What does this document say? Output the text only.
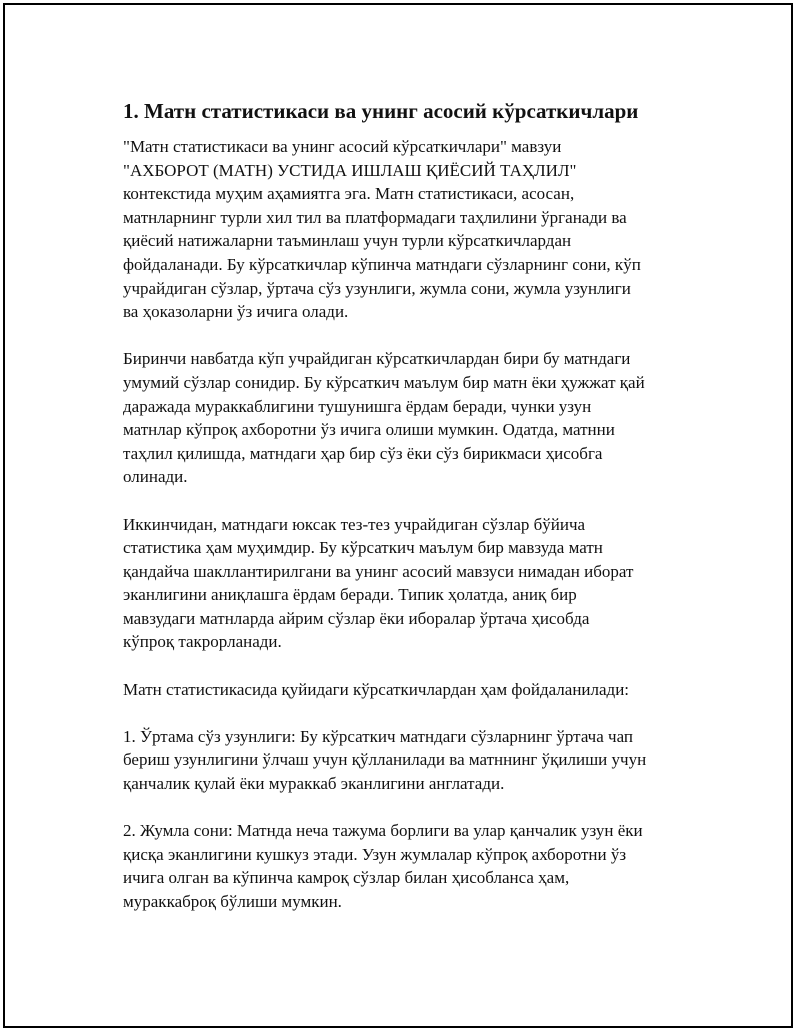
1. Матн статистикаси ва унинг асосий кўрсаткичлари

"Матн статистикаси ва унинг асосий кўрсаткичлари" мавзуи
"АХБОРОТ (МАТН) УСТИДА ИШЛАШ ҚИЁСИЙ ТАҲЛИЛ"
контекстида муҳим аҳамиятга эга. Матн статистикаси, асосан,
матнларнинг турли хил тил ва платформадаги таҳлилини ўрганади ва
қиёсий натижаларни таъминлаш учун турли кўрсаткичлардан
фойдаланади. Бу кўрсаткичлар кўпинча матндаги сўзларнинг сони, кўп
учрайдиган сўзлар, ўртача сўз узунлиги, жумла сони, жумла узунлиги
ва ҳоказоларни ўз ичига олади.

Биринчи навбатда кўп учрайдиган кўрсаткичлардан бири бу матндаги
умумий сўзлар сонидир. Бу кўрсаткич маълум бир матн ёки ҳужжат қай
даражада мураккаблигини тушунишга ёрдам беради, чунки узун
матнлар кўпроқ ахборотни ўз ичига олиши мумкин. Одатда, матнни
таҳлил қилишда, матндаги ҳар бир сўз ёки сўз бирикмаси ҳисобга
олинади.

Иккинчидан, матндаги юксак тез-тез учрайдиган сўзлар бўйича
статистика ҳам муҳимдир. Бу кўрсаткич маълум бир мавзуда матн
қандайча шакллантирилгани ва унинг асосий мавзуси нимадан иборат
эканлигини аниқлашга ёрдам беради. Типик ҳолатда, аниқ бир
мавзудаги матнларда айрим сўзлар ёки иборалар ўртача ҳисобда
кўпроқ такрорланади.

Матн статистикасида қуйидаги кўрсаткичлардан ҳам фойдаланилади:

1. Ўртама сўз узунлиги: Бу кўрсаткич матндаги сўзларнинг ўртача чап
бериш узунлигини ўлчаш учун қўлланилади ва матннинг ўқилиши учун
қанчалик қулай ёки мураккаб эканлигини англатади.

2. Жумла сони: Матнда неча тажума борлиги ва улар қанчалик узун ёки
қисқа эканлигини кушкуз этади. Узун жумлалар кўпроқ ахборотни ўз
ичига олган ва кўпинча камроқ сўзлар билан ҳисобланса ҳам,
мураккаброқ бўлиши мумкин.
